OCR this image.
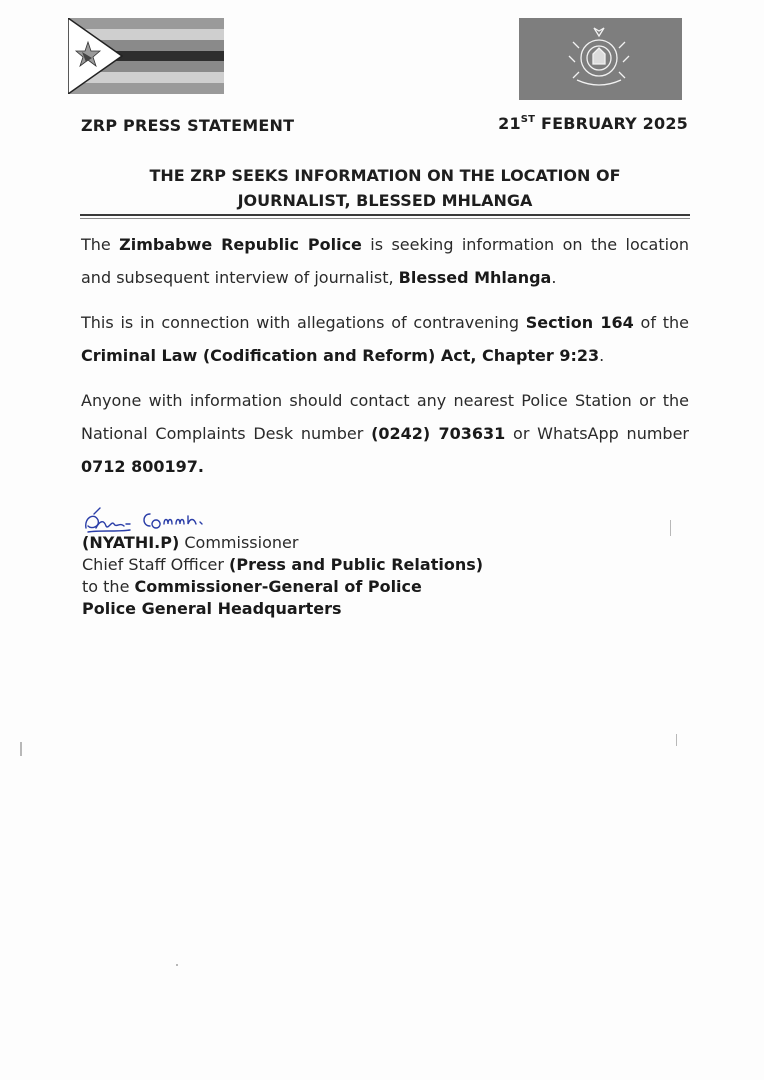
ZRP PRESS STATEMENT	21ST FEBRUARY 2025
THE ZRP SEEKS INFORMATION ON THE LOCATION OF
JOURNALIST, BLESSED MHLANGA

The Zimbabwe Republic Police is seeking information on the location and subsequent interview of journalist, Blessed Mhlanga.

This is in connection with allegations of contravening Section 164 of the Criminal Law (Codification and Reform) Act, Chapter 9:23.

Anyone with information should contact any nearest Police Station or the National Complaints Desk number (0242) 703631 or WhatsApp number 0712 800197.

(NYATHI.P) Commissioner
Chief Staff Officer (Press and Public Relations)
to the Commissioner-General of Police
Police General Headquarters
